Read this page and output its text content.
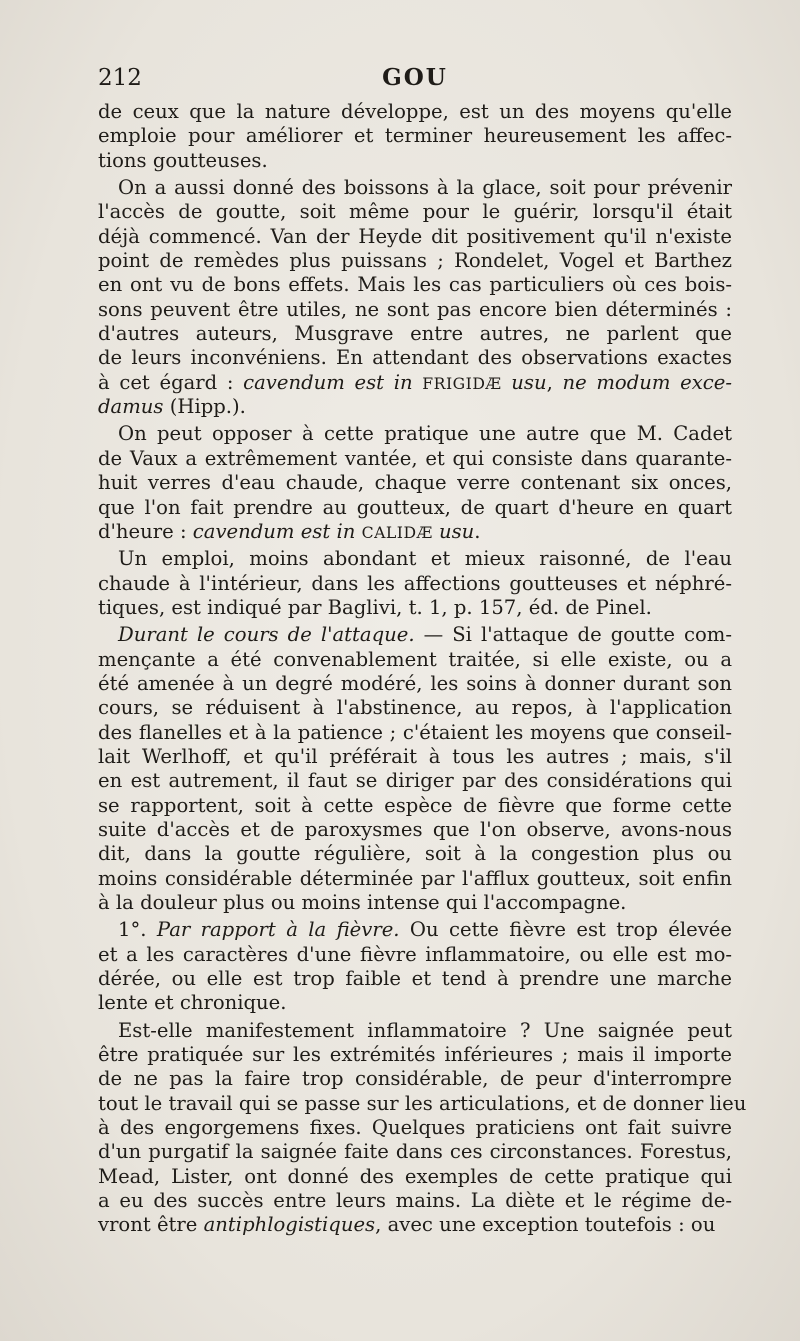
212	GOU
de ceux que la nature développe, est un des moyens qu'elle
emploie pour améliorer et terminer heureusement les affec-
tions goutteuses.
On a aussi donné des boissons à la glace, soit pour prévenir
l'accès de goutte, soit même pour le guérir, lorsqu'il était
déjà commencé. Van der Heyde dit positivement qu'il n'existe
point de remèdes plus puissans ; Rondelet, Vogel et Barthez
en ont vu de bons effets. Mais les cas particuliers où ces bois-
sons peuvent être utiles, ne sont pas encore bien déterminés :
d'autres auteurs, Musgrave entre autres, ne parlent que
de leurs inconvéniens. En attendant des observations exactes
à cet égard : cavendum est in FRIGIDÆ usu, ne modum exce-
damus (Hipp.).
On peut opposer à cette pratique une autre que M. Cadet
de Vaux a extrêmement vantée, et qui consiste dans quarante-
huit verres d'eau chaude, chaque verre contenant six onces,
que l'on fait prendre au goutteux, de quart d'heure en quart
d'heure : cavendum est in CALIDÆ usu.
Un emploi, moins abondant et mieux raisonné, de l'eau
chaude à l'intérieur, dans les affections goutteuses et néphré-
tiques, est indiqué par Baglivi, t. 1, p. 157, éd. de Pinel.
Durant le cours de l'attaque. — Si l'attaque de goutte com-
mençante a été convenablement traitée, si elle existe, ou a
été amenée à un degré modéré, les soins à donner durant son
cours, se réduisent à l'abstinence, au repos, à l'application
des flanelles et à la patience ; c'étaient les moyens que conseil-
lait Werlhoff, et qu'il préférait à tous les autres ; mais, s'il
en est autrement, il faut se diriger par des considérations qui
se rapportent, soit à cette espèce de fièvre que forme cette
suite d'accès et de paroxysmes que l'on observe, avons-nous
dit, dans la goutte régulière, soit à la congestion plus ou
moins considérable déterminée par l'afflux goutteux, soit enfin
à la douleur plus ou moins intense qui l'accompagne.
1°. Par rapport à la fièvre. Ou cette fièvre est trop élevée
et a les caractères d'une fièvre inflammatoire, ou elle est mo-
dérée, ou elle est trop faible et tend à prendre une marche
lente et chronique.
Est-elle manifestement inflammatoire ? Une saignée peut
être pratiquée sur les extrémités inférieures ; mais il importe
de ne pas la faire trop considérable, de peur d'interrompre
tout le travail qui se passe sur les articulations, et de donner lieu
à des engorgemens fixes. Quelques praticiens ont fait suivre
d'un purgatif la saignée faite dans ces circonstances. Forestus,
Mead, Lister, ont donné des exemples de cette pratique qui
a eu des succès entre leurs mains. La diète et le régime de-
vront être antiphlogistiques, avec une exception toutefois : ou
